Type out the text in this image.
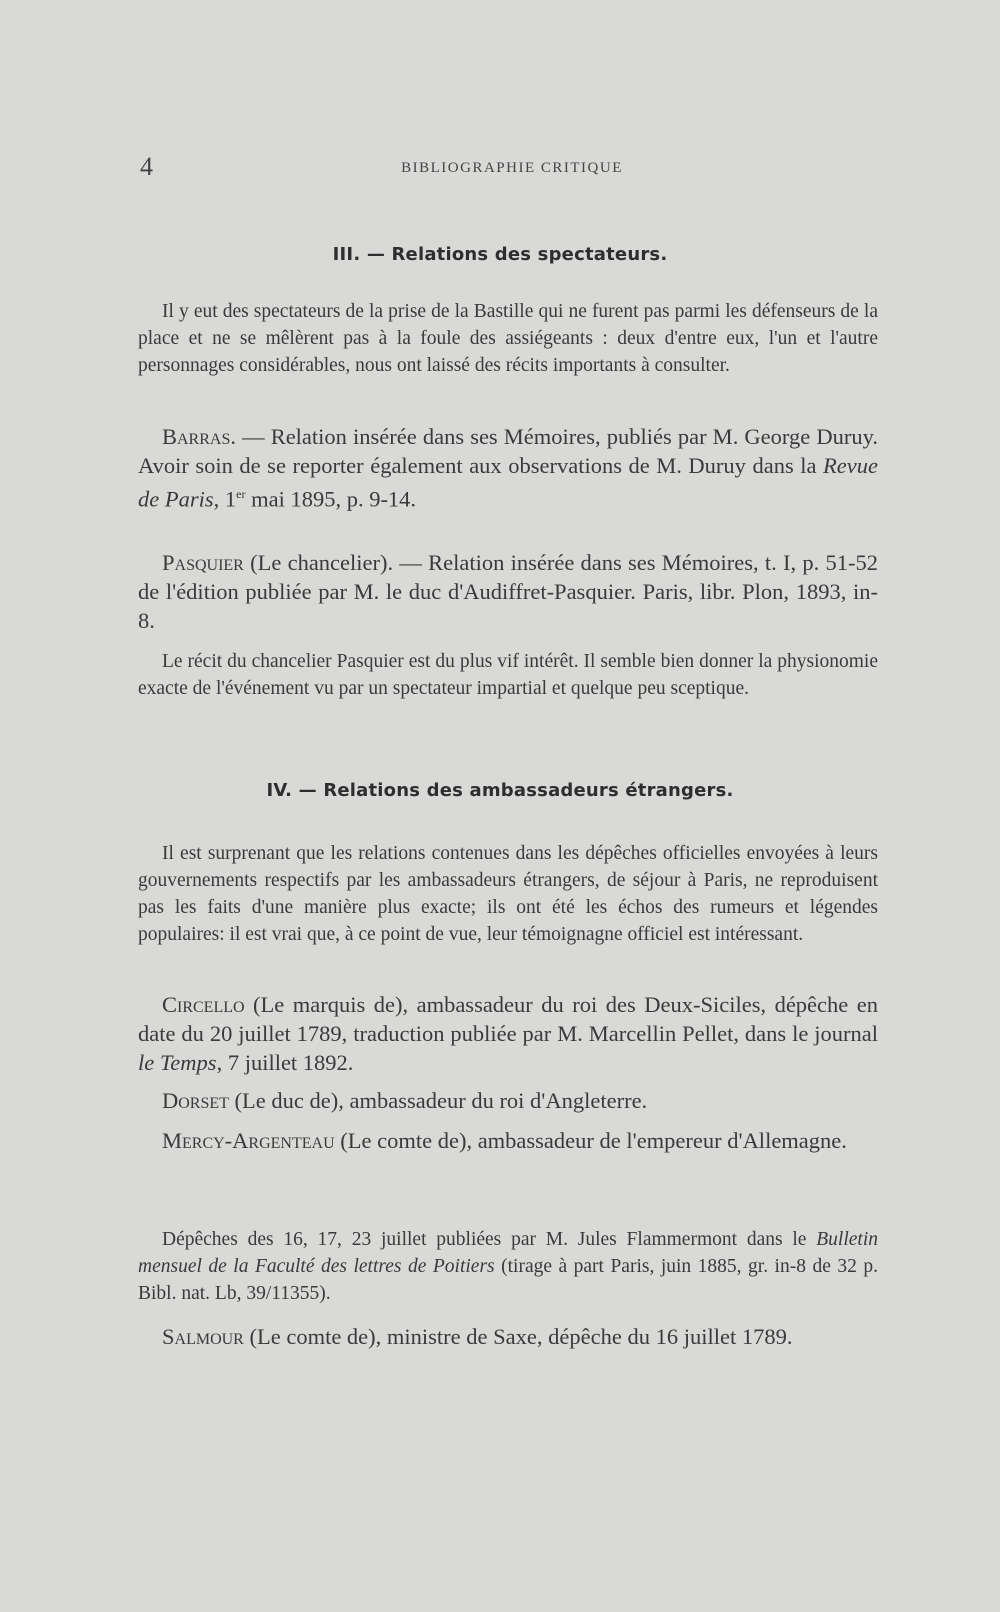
4	BIBLIOGRAPHIE CRITIQUE
III. — Relations des spectateurs.

Il y eut des spectateurs de la prise de la Bastille qui ne furent pas parmi les défenseurs de la place et ne se mêlèrent pas à la foule des assiégeants : deux d'entre eux, l'un et l'autre personnages considérables, nous ont laissé des récits importants à consulter.

Barras. — Relation insérée dans ses Mémoires, publiés par M. George Duruy. Avoir soin de se reporter également aux observations de M. Duruy dans la Revue de Paris, 1er mai 1895, p. 9-14.

Pasquier (Le chancelier). — Relation insérée dans ses Mémoires, t. I, p. 51-52 de l'édition publiée par M. le duc d'Audiffret-Pasquier. Paris, libr. Plon, 1893, in-8.

Le récit du chancelier Pasquier est du plus vif intérêt. Il semble bien donner la physionomie exacte de l'événement vu par un spectateur impartial et quelque peu sceptique.

IV. — Relations des ambassadeurs étrangers.

Il est surprenant que les relations contenues dans les dépêches officielles envoyées à leurs gouvernements respectifs par les ambassadeurs étrangers, de séjour à Paris, ne reproduisent pas les faits d'une manière plus exacte; ils ont été les échos des rumeurs et légendes populaires: il est vrai que, à ce point de vue, leur témoignagne officiel est intéressant.

Circello (Le marquis de), ambassadeur du roi des Deux-Siciles, dépêche en date du 20 juillet 1789, traduction publiée par M. Marcellin Pellet, dans le journal le Temps, 7 juillet 1892.

Dorset (Le duc de), ambassadeur du roi d'Angleterre.

Mercy-Argenteau (Le comte de), ambassadeur de l'empereur d'Allemagne.

Dépêches des 16, 17, 23 juillet publiées par M. Jules Flammermont dans le Bulletin mensuel de la Faculté des lettres de Poitiers (tirage à part Paris, juin 1885, gr. in-8 de 32 p. Bibl. nat. Lb, 39/11355).

Salmour (Le comte de), ministre de Saxe, dépêche du 16 juillet 1789.
